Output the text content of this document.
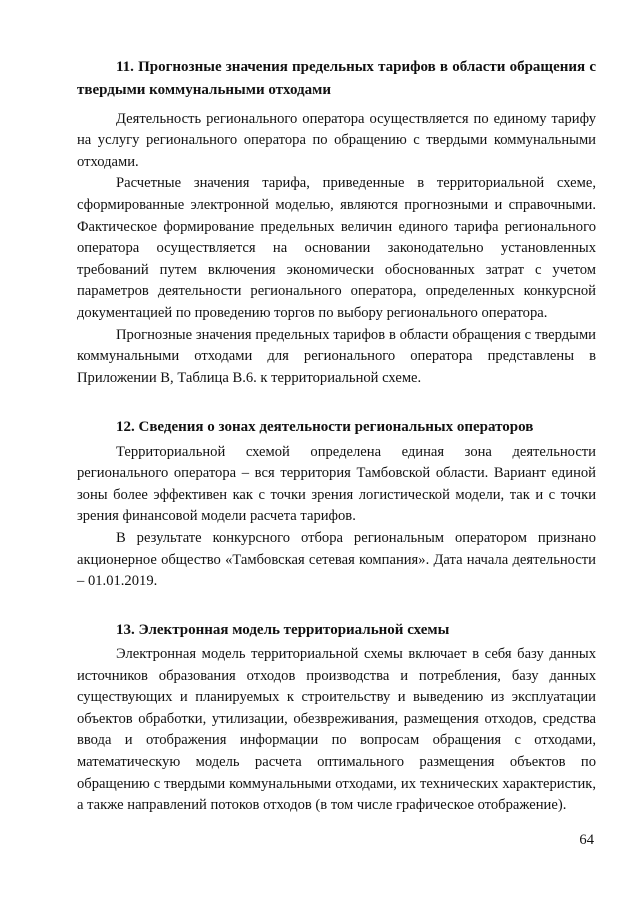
11. Прогнозные значения предельных тарифов в области обращения с твердыми коммунальными отходами

Деятельность регионального оператора осуществляется по единому тарифу на услугу регионального оператора по обращению с твердыми коммунальными отходами.

Расчетные значения тарифа, приведенные в территориальной схеме, сформированные электронной моделью, являются прогнозными и справочными. Фактическое формирование предельных величин единого тарифа регионального оператора осуществляется на основании законодательно установленных требований путем включения экономически обоснованных затрат с учетом параметров деятельности регионального оператора, определенных конкурсной документацией по проведению торгов по выбору регионального оператора.

Прогнозные значения предельных тарифов в области обращения с твердыми коммунальными отходами для регионального оператора представлены в Приложении В, Таблица В.6. к территориальной схеме.

12. Сведения о зонах деятельности региональных операторов

Территориальной схемой определена единая зона деятельности регионального оператора – вся территория Тамбовской области. Вариант единой зоны более эффективен как с точки зрения логистической модели, так и с точки зрения финансовой модели расчета тарифов.

В результате конкурсного отбора региональным оператором признано акционерное общество «Тамбовская сетевая компания». Дата начала деятельности – 01.01.2019.

13. Электронная модель территориальной схемы

Электронная модель территориальной схемы включает в себя базу данных источников образования отходов производства и потребления, базу данных существующих и планируемых к строительству и выведению из эксплуатации объектов обработки, утилизации, обезвреживания, размещения отходов, средства ввода и отображения информации по вопросам обращения с отходами, математическую модель расчета оптимального размещения объектов по обращению с твердыми коммунальными отходами, их технических характеристик, а также направлений потоков отходов (в том числе графическое отображение).

64
